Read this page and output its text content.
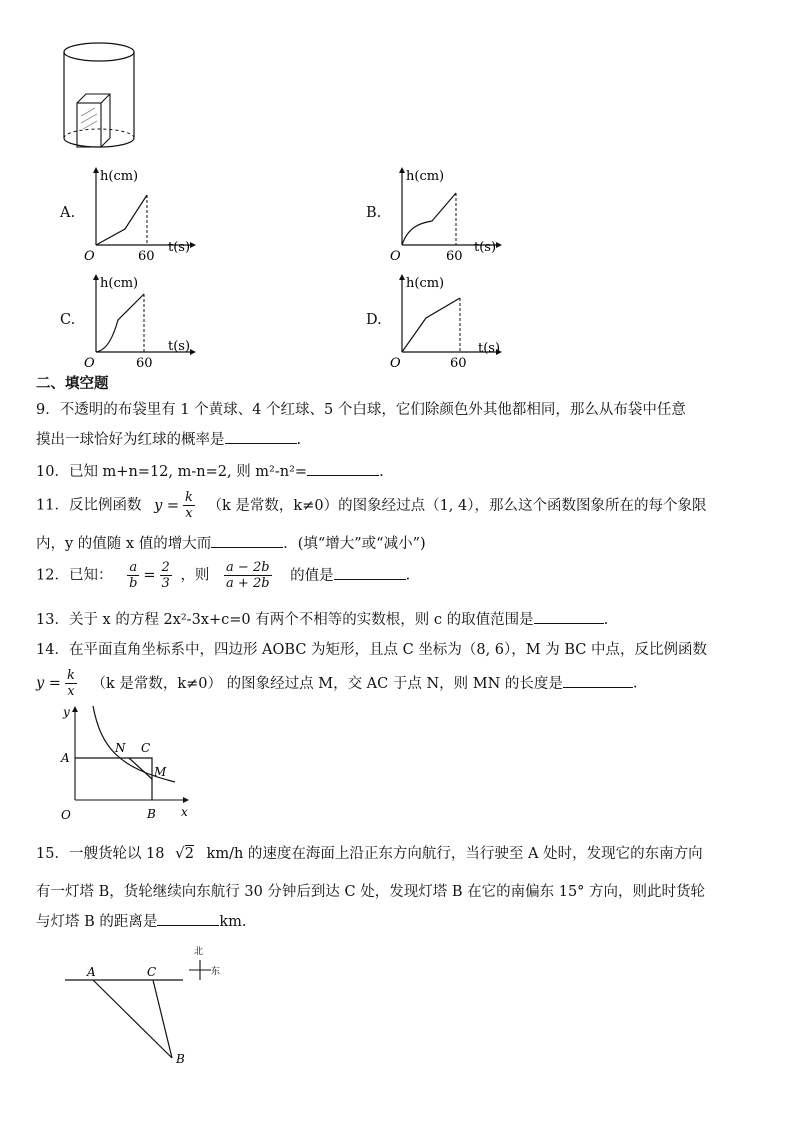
A.
h(cm)
t(s)
O	60
B.
h(cm)
t(s)
O	60
C.
h(cm)
t(s)
O	60
D.
h(cm)
t(s)
O	60
二、填空题
9．不透明的布袋里有 1 个黄球、4 个红球、5 个白球，它们除颜色外其他都相同，那么从布袋中任意
摸出一球恰好为红球的概率是	.
10．已知 m+n=12, m-n=2, 则 m²-n²=	.
11．反比例函数 $y = \frac{k}{x} (k$ 是常数，k≠0）的图象经过点（1, 4），那么这个函数图象所在的每个象限
内，y 的值随 x 值的增大而	．(填“增大”或“减小”)
12．已知： $\frac{a}{b} = \frac{2}{3}$ ，则 $\frac{a - 2b}{a + 2b}$ 的值是	.
13．关于 x 的方程 2x²-3x+c=0 有两个不相等的实数根，则 c 的取值范围是	.
14．在平面直角坐标系中，四边形 AOBC 为矩形，且点 C 坐标为（8, 6），M 为 BC 中点，反比例函数
$y = \frac{k}{x} (k$ 是常数，k≠0） 的图象经过点 M，交 AC 于点 N，则 MN 的长度是	.
y
x
O
A
B
C
N
M
15．一艘货轮以 18 √2 km/h 的速度在海面上沿正东方向航行，当行驶至 A 处时，发现它的东南方向
有一灯塔 B，货轮继续向东航行 30 分钟后到达 C 处，发现灯塔 B 在它的南偏东 15° 方向，则此时货轮
与灯塔 B 的距离是	km.
A	C
B
北
东
